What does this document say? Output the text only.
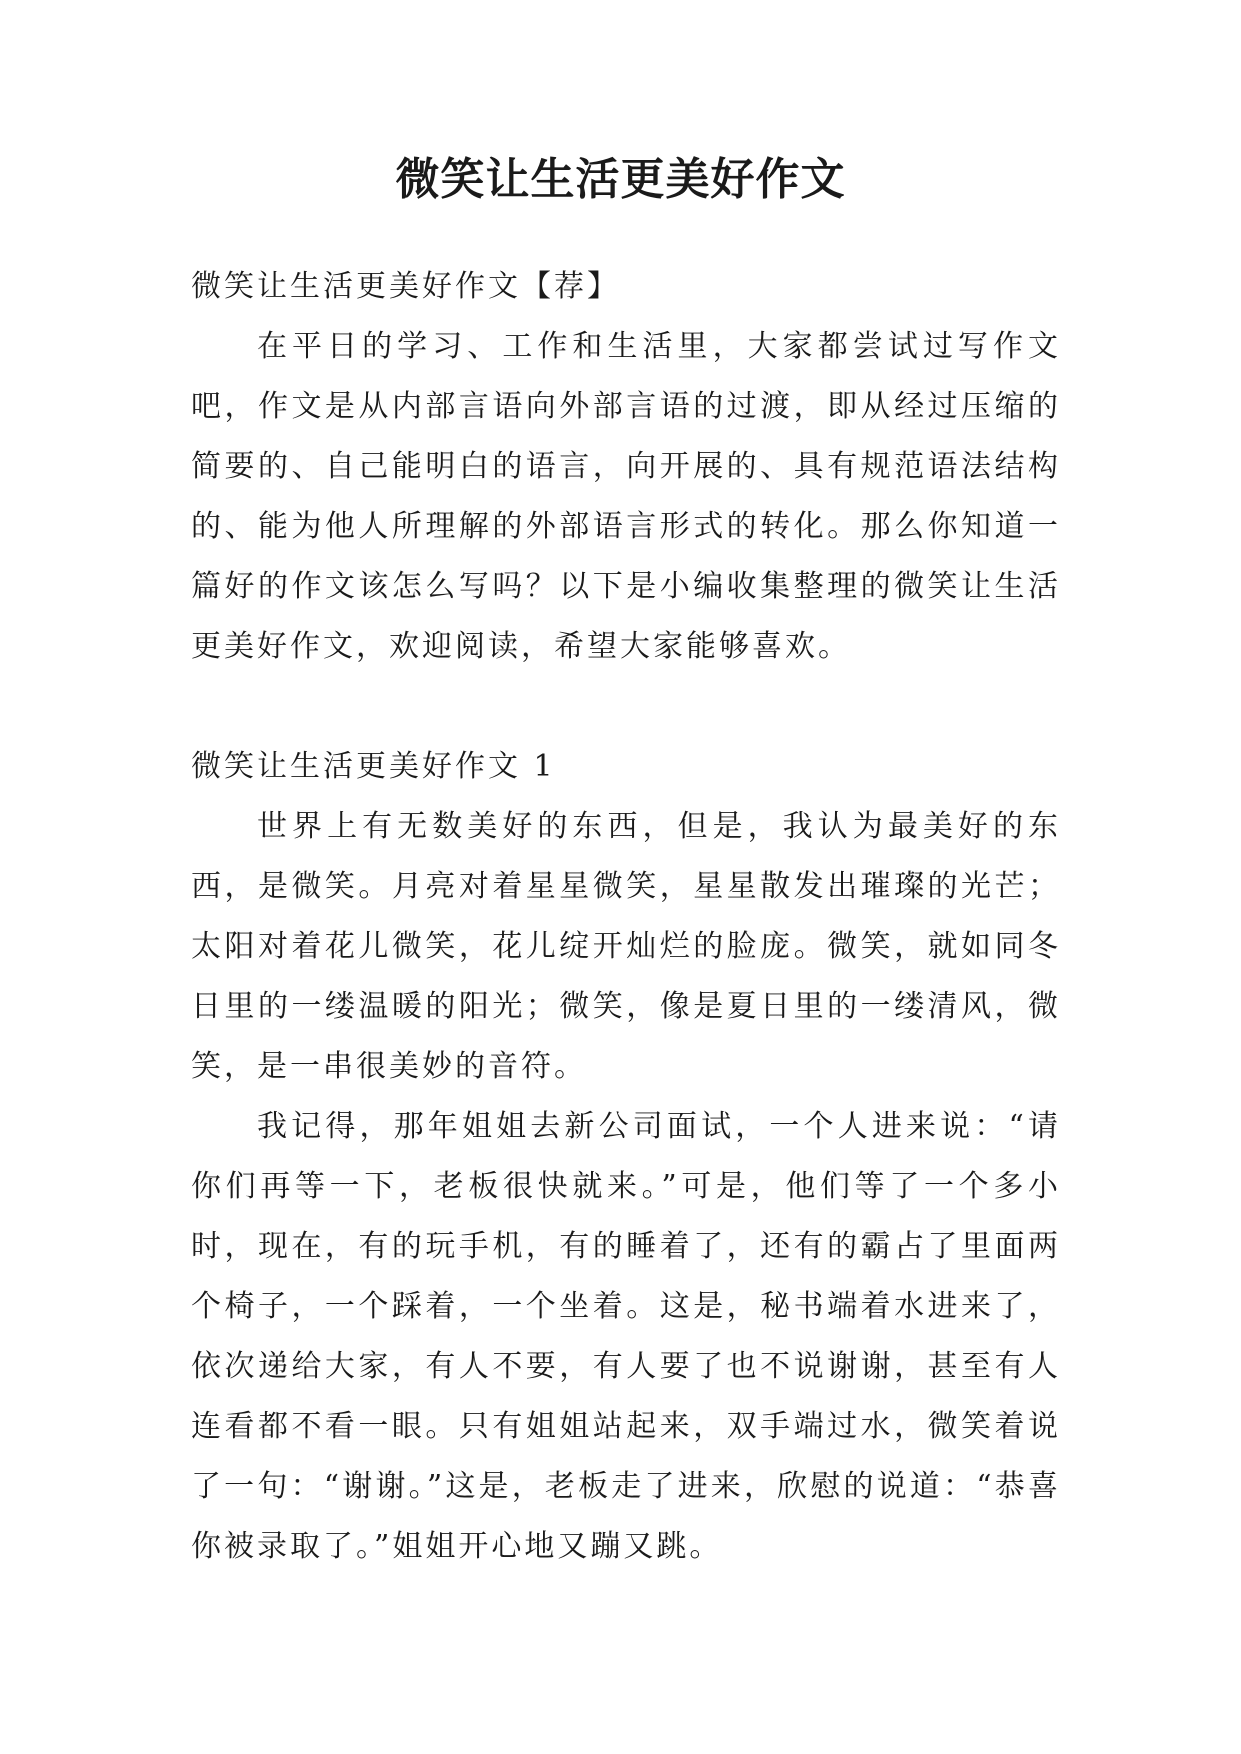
微笑让生活更美好作文

微笑让生活更美好作文【荐】

在平日的学习、工作和生活里，大家都尝试过写作文吧，作文是从内部言语向外部言语的过渡，即从经过压缩的简要的、自己能明白的语言，向开展的、具有规范语法结构的、能为他人所理解的外部语言形式的转化。那么你知道一篇好的作文该怎么写吗？以下是小编收集整理的微笑让生活更美好作文，欢迎阅读，希望大家能够喜欢。

微笑让生活更美好作文 1

世界上有无数美好的东西，但是，我认为最美好的东西，是微笑。月亮对着星星微笑，星星散发出璀璨的光芒；太阳对着花儿微笑，花儿绽开灿烂的脸庞。微笑，就如同冬日里的一缕温暖的阳光；微笑，像是夏日里的一缕清风，微笑，是一串很美妙的音符。

我记得，那年姐姐去新公司面试，一个人进来说：“请你们再等一下，老板很快就来。”可是，他们等了一个多小时，现在，有的玩手机，有的睡着了，还有的霸占了里面两个椅子，一个踩着，一个坐着。这是，秘书端着水进来了，依次递给大家，有人不要，有人要了也不说谢谢，甚至有人连看都不看一眼。只有姐姐站起来，双手端过水，微笑着说了一句：“谢谢。”这是，老板走了进来，欣慰的说道：“恭喜你被录取了。”姐姐开心地又蹦又跳。
